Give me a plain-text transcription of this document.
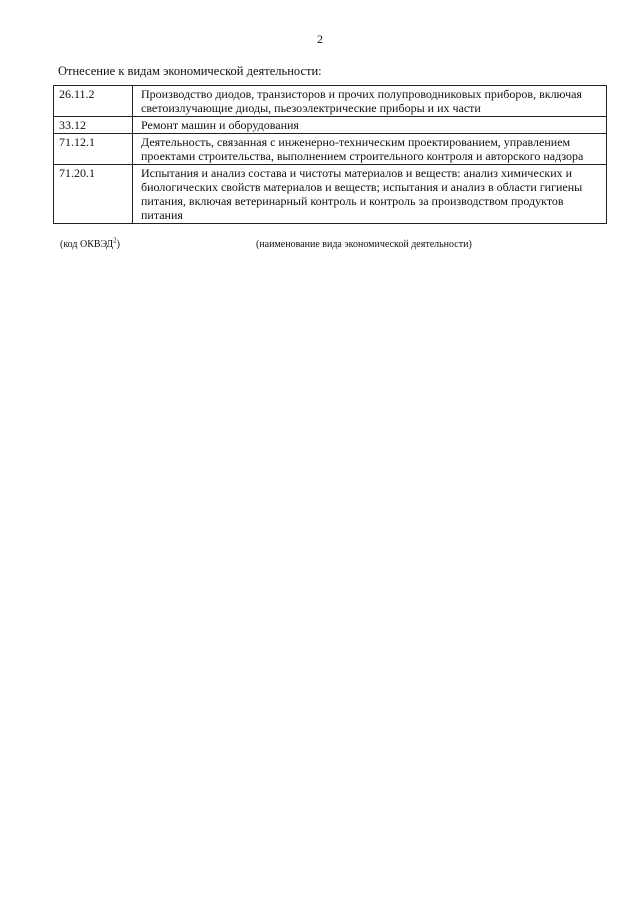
2
Отнесение к видам экономической деятельности:
26.11.2	Производство диодов, транзисторов и прочих полупроводниковых приборов, включая светоизлучающие диоды, пьезоэлектрические приборы и их части
33.12	Ремонт машин и оборудования
71.12.1	Деятельность, связанная с инженерно-техническим проектированием, управлением проектами строительства, выполнением строительного контроля и авторского надзора
71.20.1	Испытания и анализ состава и чистоты материалов и веществ: анализ химических и биологических свойств материалов и веществ; испытания и анализ в области гигиены питания, включая ветеринарный контроль и контроль за производством продуктов питания
(код ОКВЭД$^2$)	(наименование вида экономической деятельности)
